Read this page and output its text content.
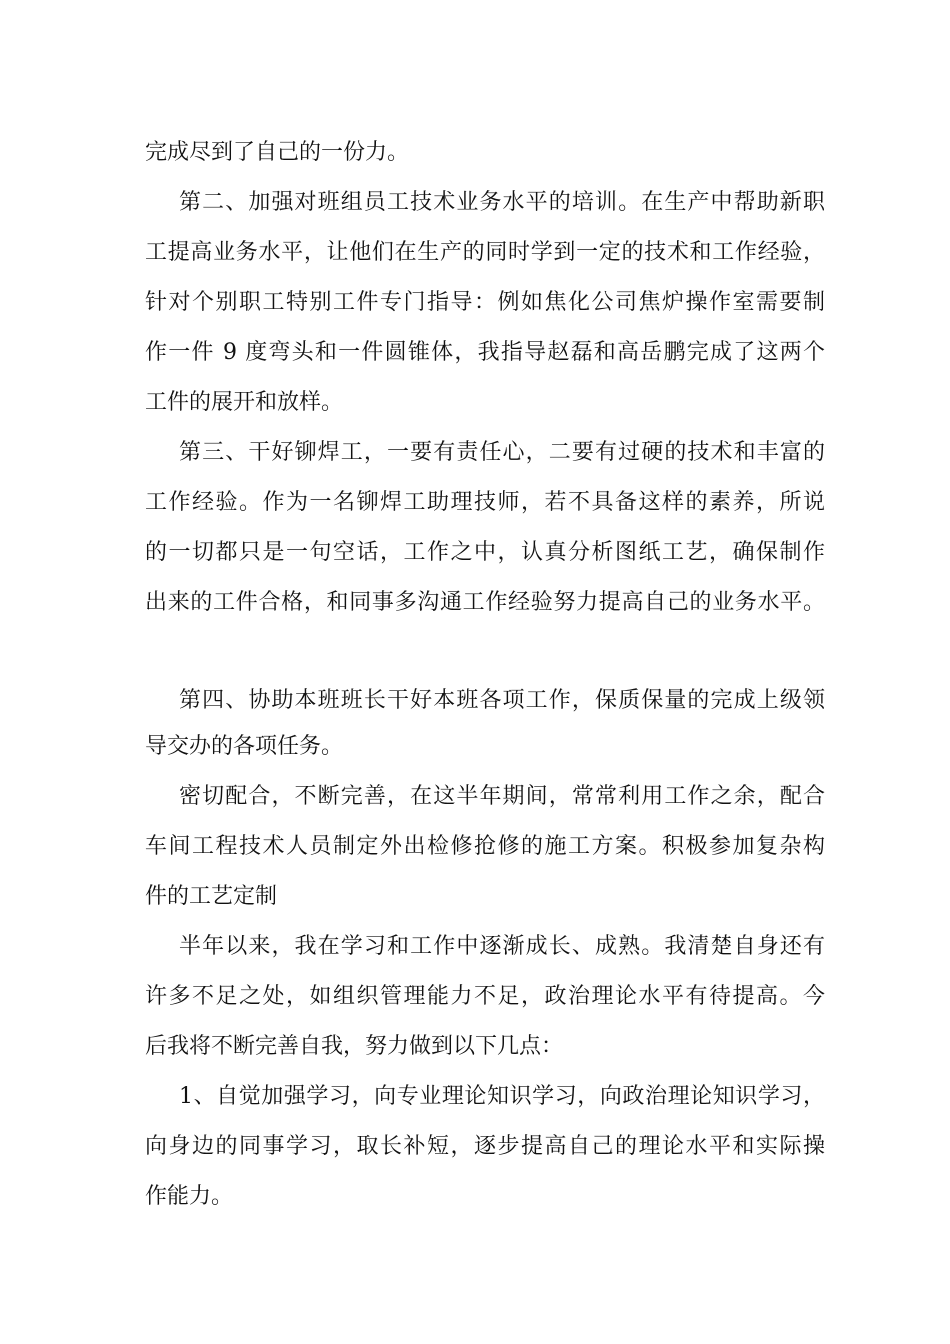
完成尽到了自己的一份力。
第二、加强对班组员工技术业务水平的培训。在生产中帮助新职
工提高业务水平，让他们在生产的同时学到一定的技术和工作经验，
针对个别职工特别工件专门指导：例如焦化公司焦炉操作室需要制
作一件 9 度弯头和一件圆锥体，我指导赵磊和高岳鹏完成了这两个
工件的展开和放样。
第三、干好铆焊工，一要有责任心，二要有过硬的技术和丰富的
工作经验。作为一名铆焊工助理技师，若不具备这样的素养，所说
的一切都只是一句空话，工作之中，认真分析图纸工艺，确保制作
出来的工件合格，和同事多沟通工作经验努力提高自己的业务水平。
第四、协助本班班长干好本班各项工作，保质保量的完成上级领
导交办的各项任务。
密切配合，不断完善，在这半年期间，常常利用工作之余，配合
车间工程技术人员制定外出检修抢修的施工方案。积极参加复杂构
件的工艺定制
半年以来，我在学习和工作中逐渐成长、成熟。我清楚自身还有
许多不足之处，如组织管理能力不足，政治理论水平有待提高。今
后我将不断完善自我，努力做到以下几点：
1、自觉加强学习，向专业理论知识学习，向政治理论知识学习，
向身边的同事学习，取长补短，逐步提高自己的理论水平和实际操
作能力。
